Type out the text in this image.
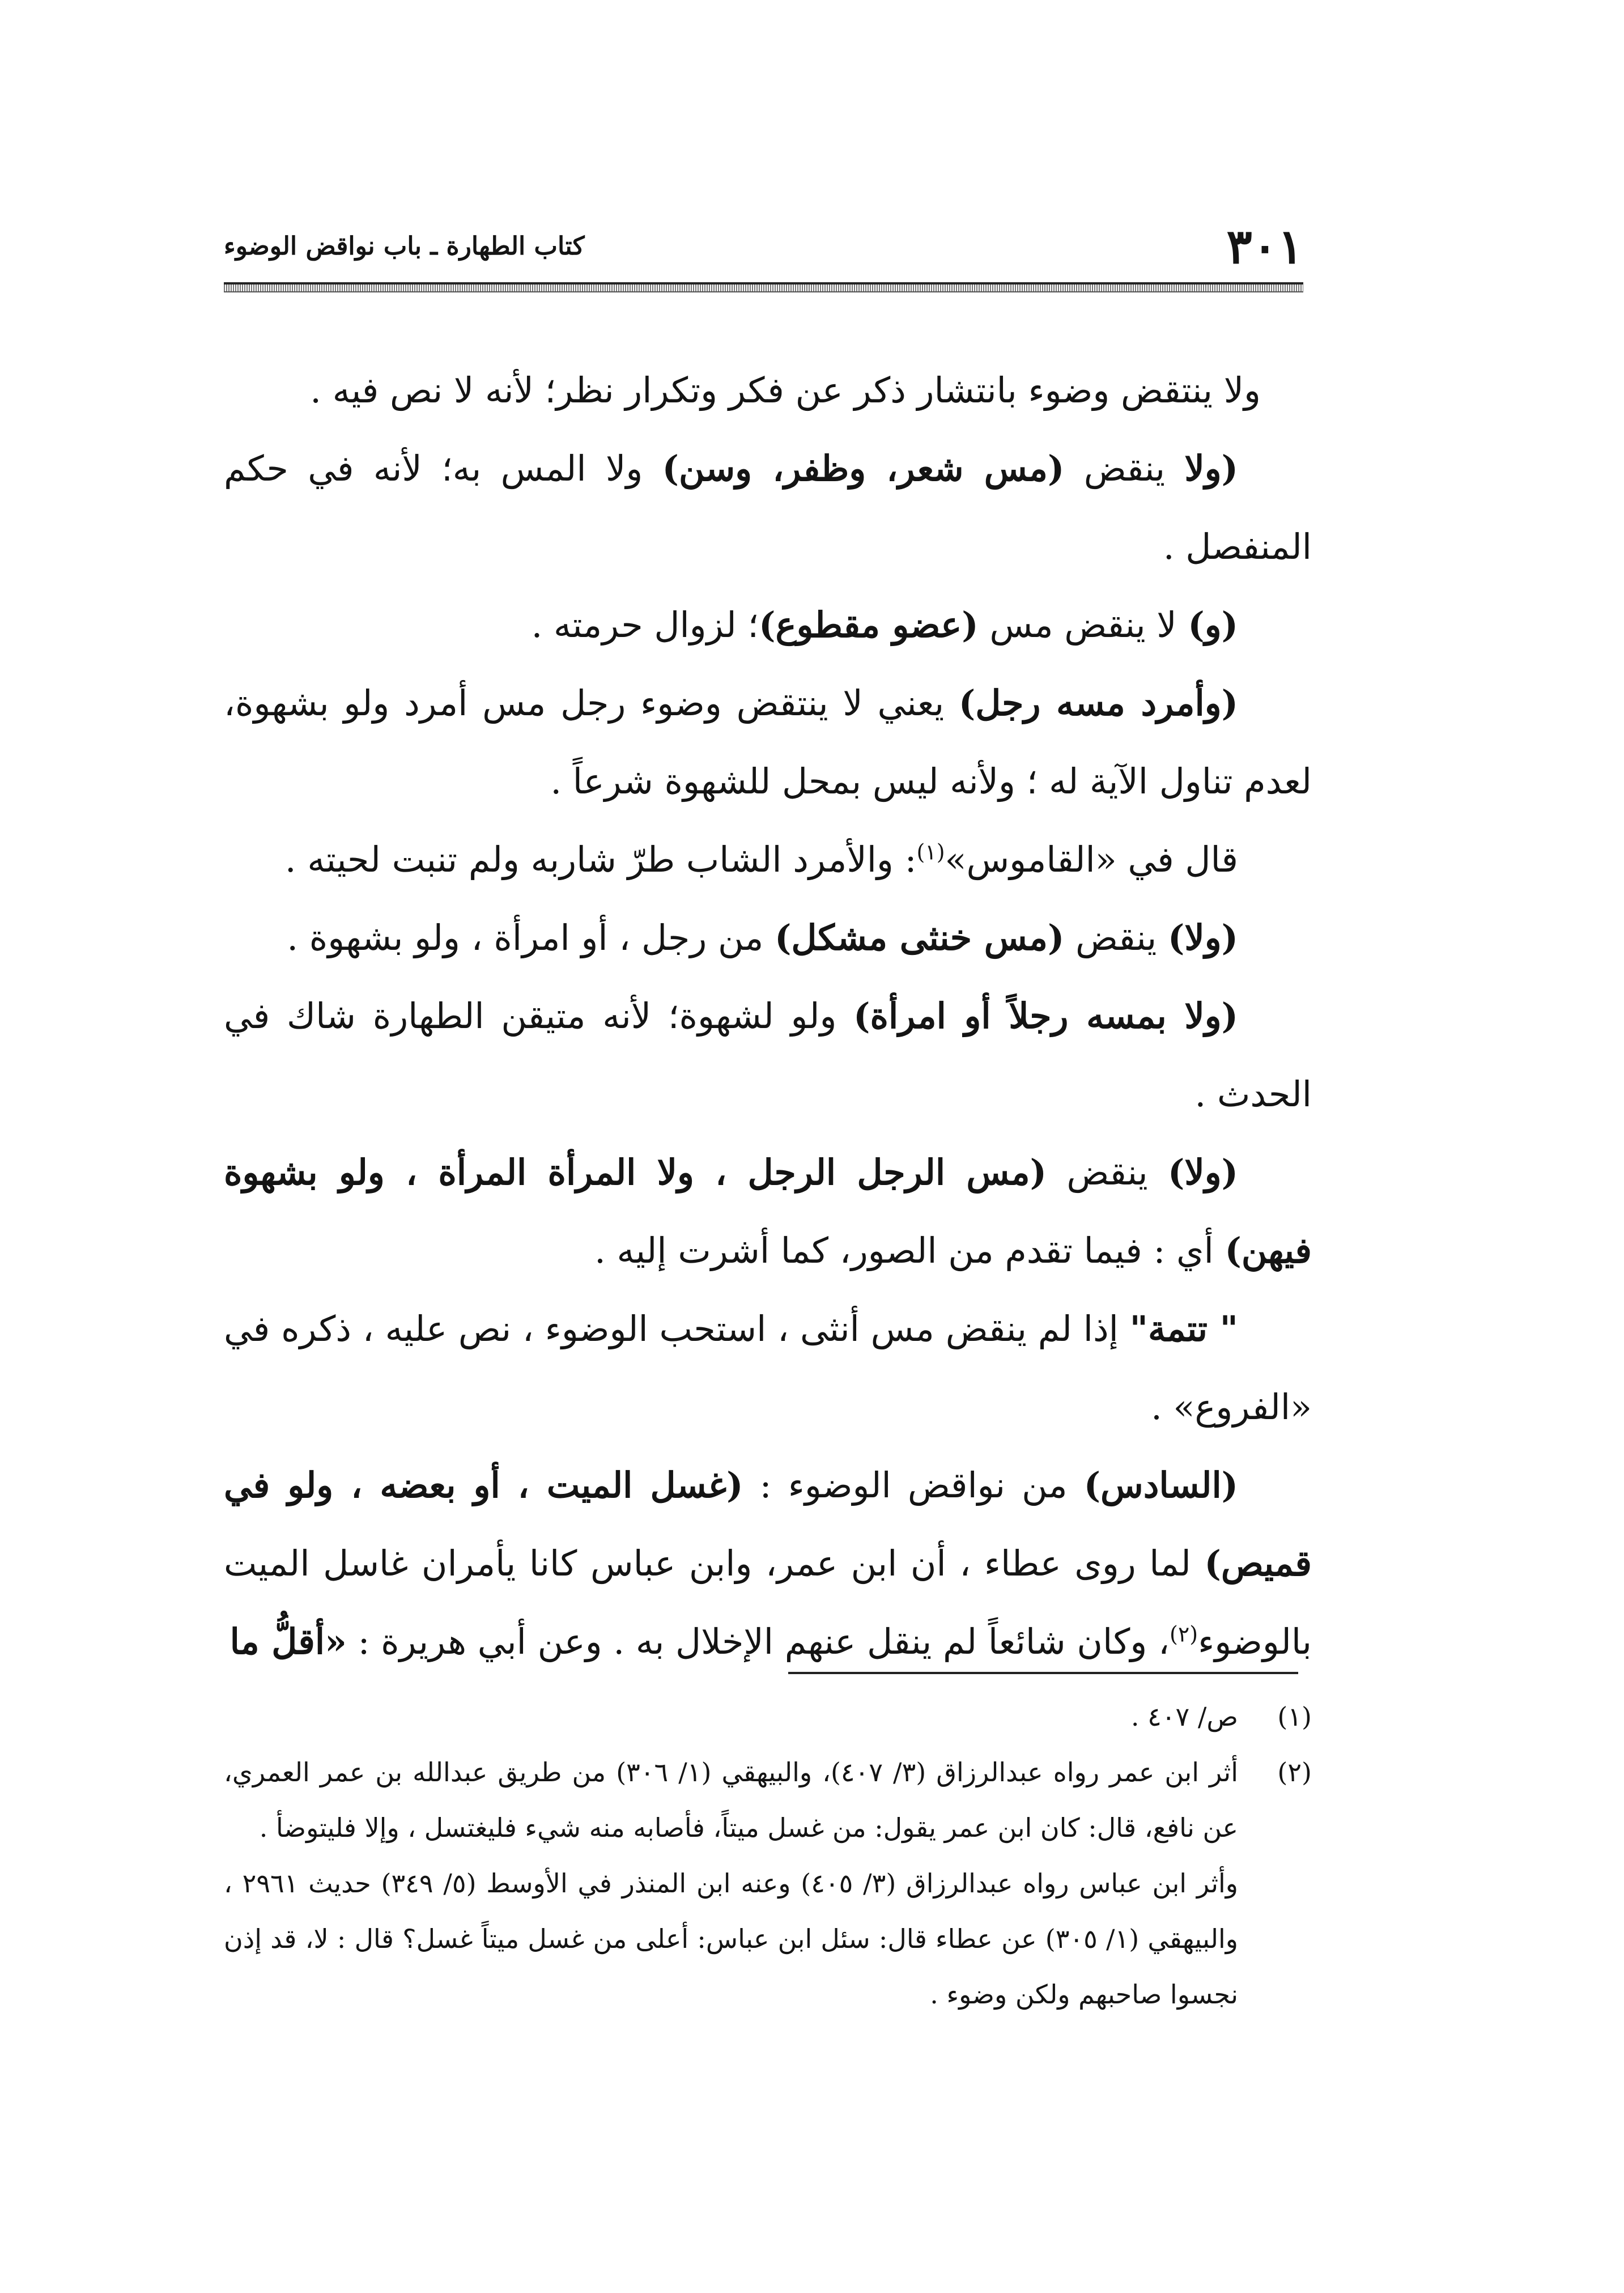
٣٠١
كتاب الطهارة ـ باب نواقض الوضوء

ولا ينتقض وضوء بانتشار ذكر عن فكر وتكرار نظر؛ لأنه لا نص فيه .

(ولا ينقض (مس شعر، وظفر، وسن) ولا المس به؛ لأنه في حكم المنفصل .

(و) لا ينقض مس (عضو مقطوع)؛ لزوال حرمته .

(وأمرد مسه رجل) يعني لا ينتقض وضوء رجل مس أمرد ولو بشهوة، لعدم تناول الآية له ؛ ولأنه ليس بمحل للشهوة شرعاً .

قال في «القاموس»$^{(١)}$: والأمرد الشاب طرّ شاربه ولم تنبت لحيته .

(ولا) ينقض (مس خنثى مشكل) من رجل ، أو امرأة ، ولو بشهوة .

(ولا بمسه رجلاً أو امرأة) ولو لشهوة؛ لأنه متيقن الطهارة شاك في الحدث .

(ولا) ينقض (مس الرجل الرجل ، ولا المرأة المرأة ، ولو بشهوة فيهن) أي : فيما تقدم من الصور، كما أشرت إليه .

" تتمة" إذا لم ينقض مس أنثى ، استحب الوضوء ، نص عليه ، ذكره في «الفروع» .

(السادس) من نواقض الوضوء : (غسل الميت ، أو بعضه ، ولو في قميص) لما روى عطاء ، أن ابن عمر، وابن عباس كانا يأمران غاسل الميت بالوضوء$^{(٢)}$، وكان شائعاً لم ينقل عنهم الإخلال به . وعن أبي هريرة : «أقلُّ ما

(١)
ص/ ٤٠٧ .

(٢)
أثر ابن عمر رواه عبدالرزاق (٣/ ٤٠٧)، والبيهقي (١/ ٣٠٦) من طريق عبدالله بن عمر العمري، عن نافع، قال: كان ابن عمر يقول: من غسل ميتاً، فأصابه منه شيء فليغتسل ، وإلا فليتوضأ .

وأثر ابن عباس رواه عبدالرزاق (٣/ ٤٠٥) وعنه ابن المنذر في الأوسط (٥/ ٣٤٩) حديث ٢٩٦١ ، والبيهقي (١/ ٣٠٥) عن عطاء قال: سئل ابن عباس: أعلى من غسل ميتاً غسل؟ قال : لا، قد إذن نجسوا صاحبهم ولكن وضوء .
